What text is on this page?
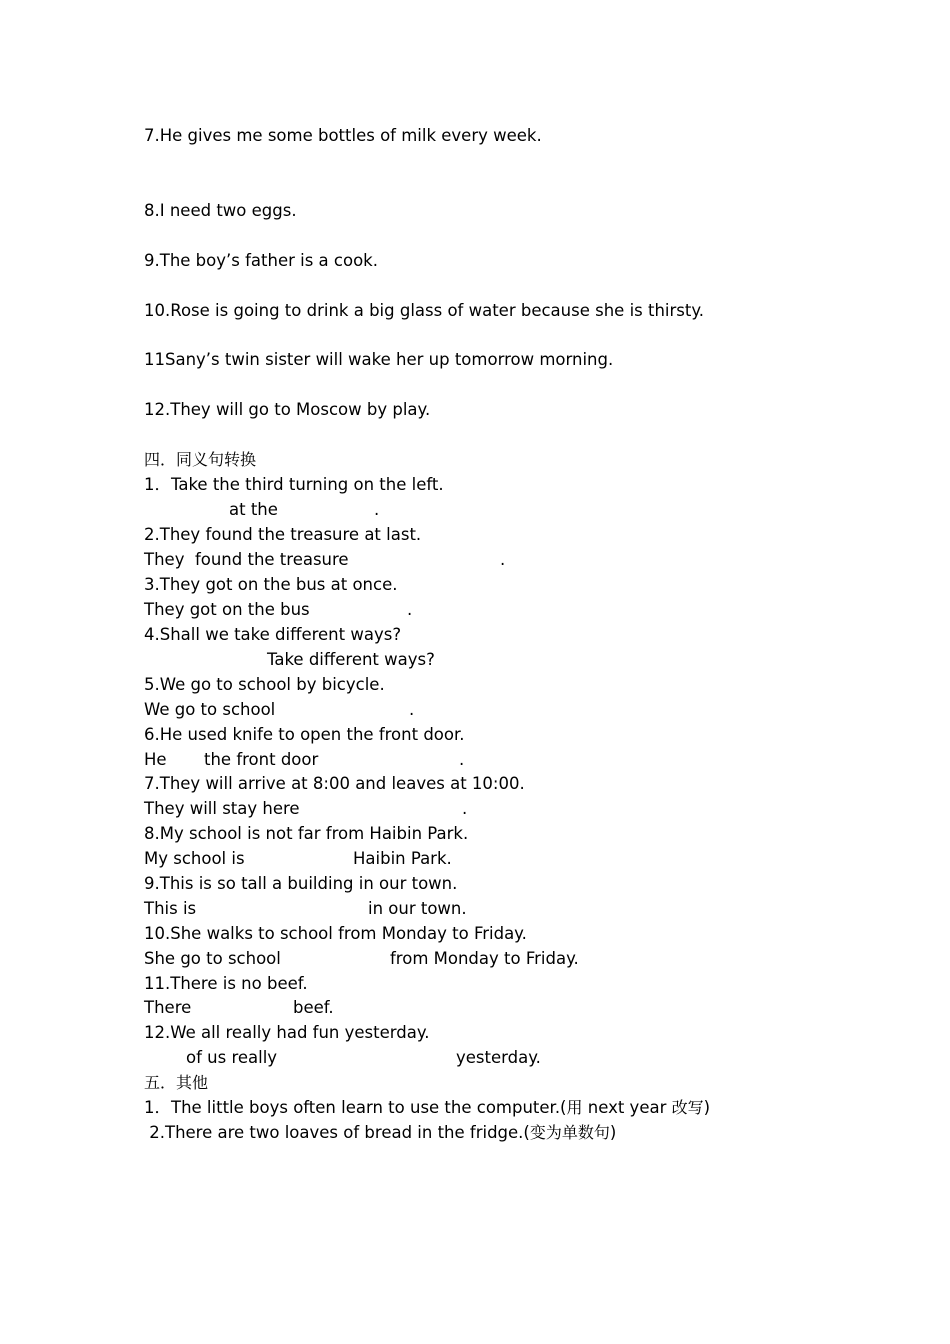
7.He gives me some bottles of milk every week.
8.I need two eggs.
9.The boy’s father is a cook.
10.Rose is going to drink a big glass of water because she is thirsty.
11Sany’s twin sister will wake her up tomorrow morning.
12.They will go to Moscow by play.
四．同义句转换
1．Take the third turning on the left.
at the	.
2.They found the treasure at last.
They  found the treasure	.
3.They got on the bus at once.
They got on the bus	.
4.Shall we take different ways?
Take different ways?
5.We go to school by bicycle.
We go to school	.
6.He used knife to open the front door.
He the front door	.
7.They will arrive at 8:00 and leaves at 10:00.
They will stay here	.
8.My school is not far from Haibin Park.
My school is	Haibin Park.
9.This is so tall a building in our town.
This is	in our town.
10.She walks to school from Monday to Friday.
She go to school	from Monday to Friday.
11.There is no beef.
There	beef.
12.We all really had fun yesterday.
of us really	yesterday.
五．其他
1．The little boys often learn to use the computer.(用 next year 改写)
2.There are two loaves of bread in the fridge.(变为单数句)
